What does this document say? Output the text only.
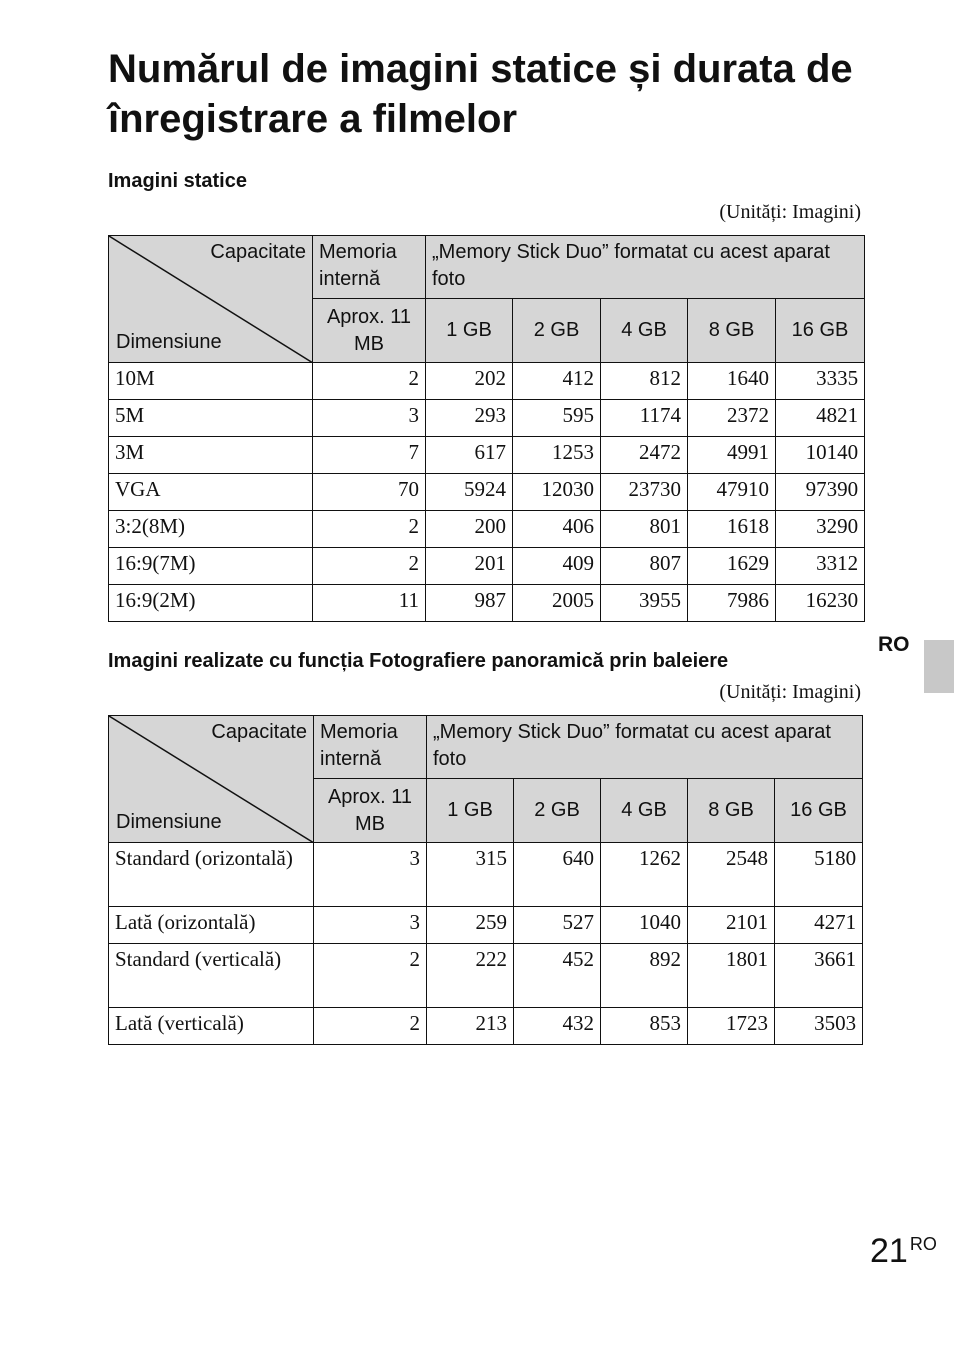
Numărul de imagini statice și durata de înregistrare a filmelor
Imagini statice
(Unități: Imagini)
Capacitate
Dimensiune	Memoria internă	„Memory Stick Duo” formatat cu acest aparat foto				
	Aprox. 11 MB	1 GB	2 GB	4 GB	8 GB	16 GB
10M	2	202	412	812	1640	3335
5M	3	293	595	1174	2372	4821
3M	7	617	1253	2472	4991	10140
VGA	70	5924	12030	23730	47910	97390
3:2(8M)	2	200	406	801	1618	3290
16:9(7M)	2	201	409	807	1629	3312
16:9(2M)	11	987	2005	3955	7986	16230
Imagini realizate cu funcția Fotografiere panoramică prin baleiere
(Unități: Imagini)
Capacitate
Dimensiune	Memoria internă	„Memory Stick Duo” formatat cu acest aparat foto				
	Aprox. 11 MB	1 GB	2 GB	4 GB	8 GB	16 GB
Standard (orizontală)	3	315	640	1262	2548	5180
Lată (orizontală)	3	259	527	1040	2101	4271
Standard (verticală)	2	222	452	892	1801	3661
Lată (verticală)	2	213	432	853	1723	3503
RO
21 $^{RO}$
